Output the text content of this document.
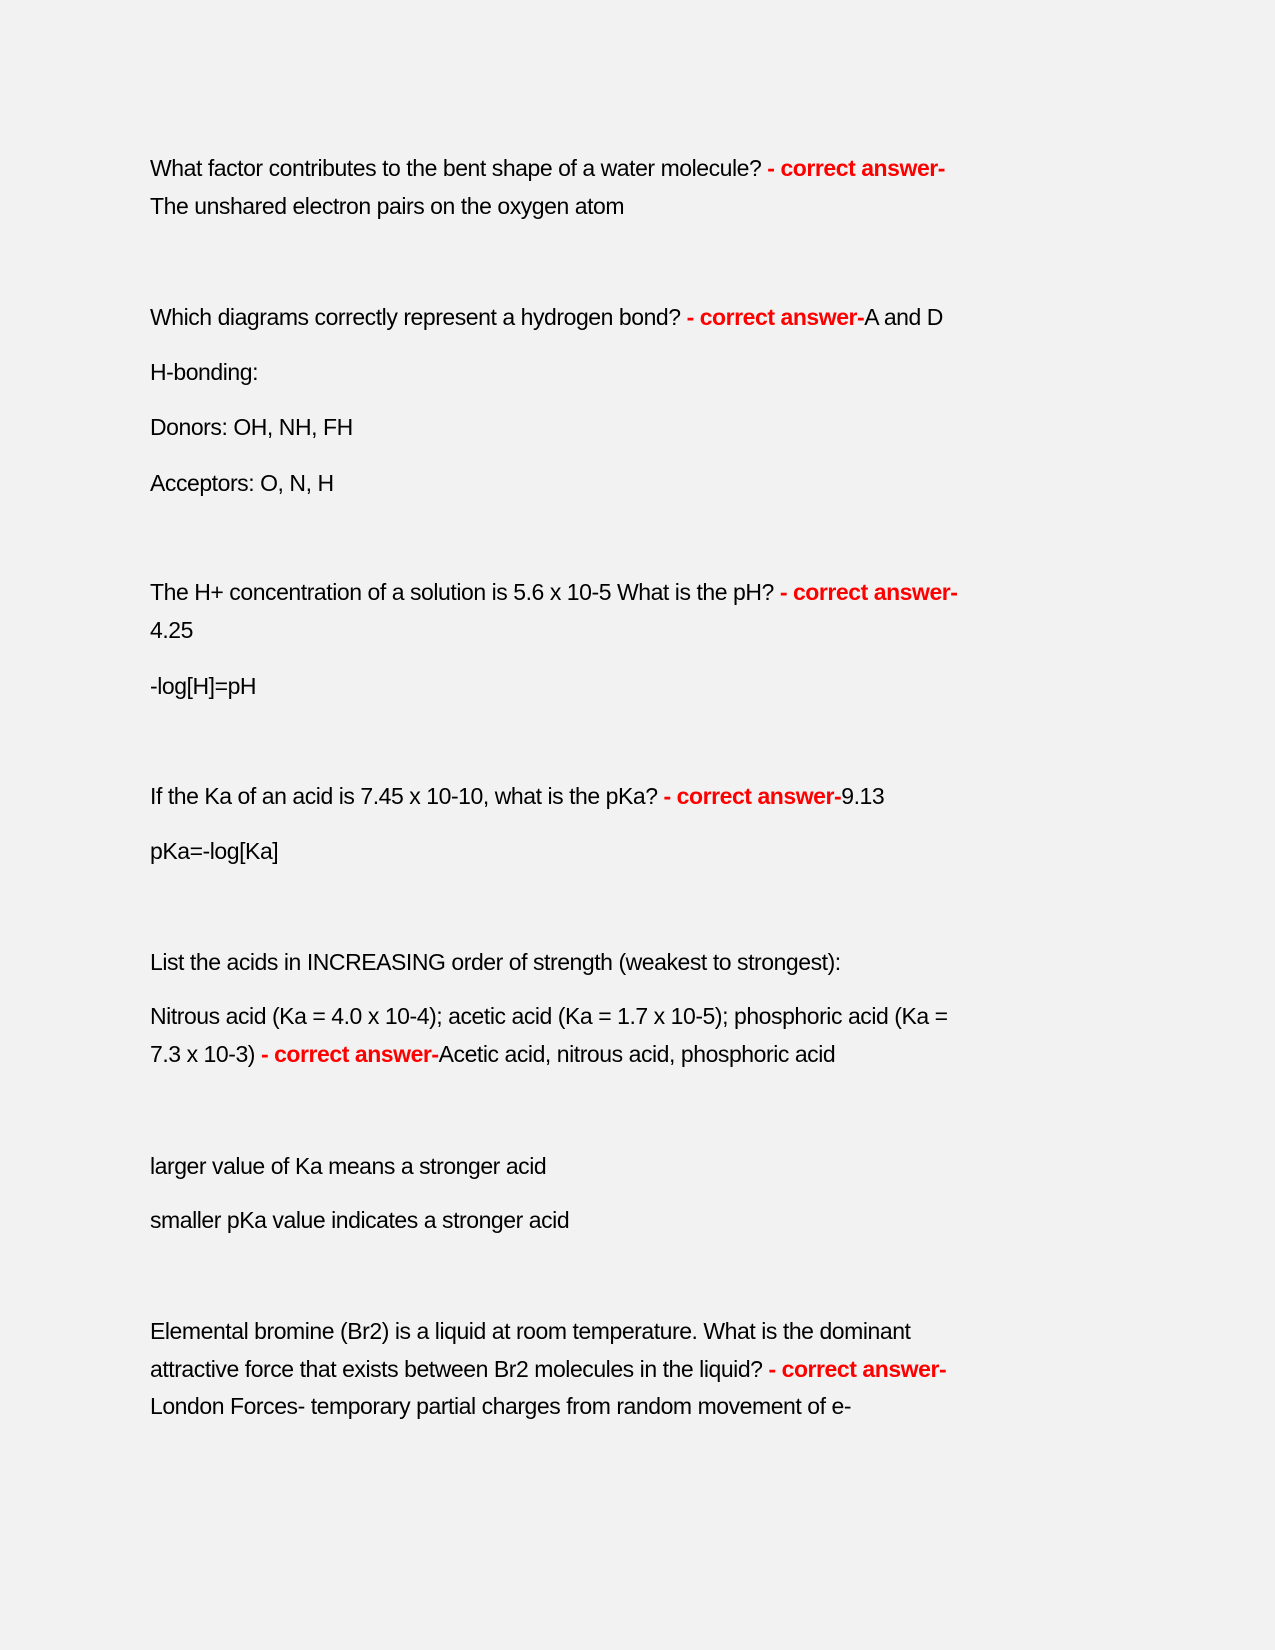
What factor contributes to the bent shape of a water molecule? - correct answer-
The unshared electron pairs on the oxygen atom
Which diagrams correctly represent a hydrogen bond? - correct answer-A and D
H-bonding:
Donors: OH, NH, FH
Acceptors: O, N, H
The H+ concentration of a solution is 5.6 x 10-5 What is the pH? - correct answer-
4.25
-log[H]=pH
If the Ka of an acid is 7.45 x 10-10, what is the pKa? - correct answer-9.13
pKa=-log[Ka]
List the acids in INCREASING order of strength (weakest to strongest):
Nitrous acid (Ka = 4.0 x 10-4); acetic acid (Ka = 1.7 x 10-5); phosphoric acid (Ka =
7.3 x 10-3) - correct answer-Acetic acid, nitrous acid, phosphoric acid
larger value of Ka means a stronger acid
smaller pKa value indicates a stronger acid
Elemental bromine (Br2) is a liquid at room temperature. What is the dominant
attractive force that exists between Br2 molecules in the liquid? - correct answer-
London Forces- temporary partial charges from random movement of e-
